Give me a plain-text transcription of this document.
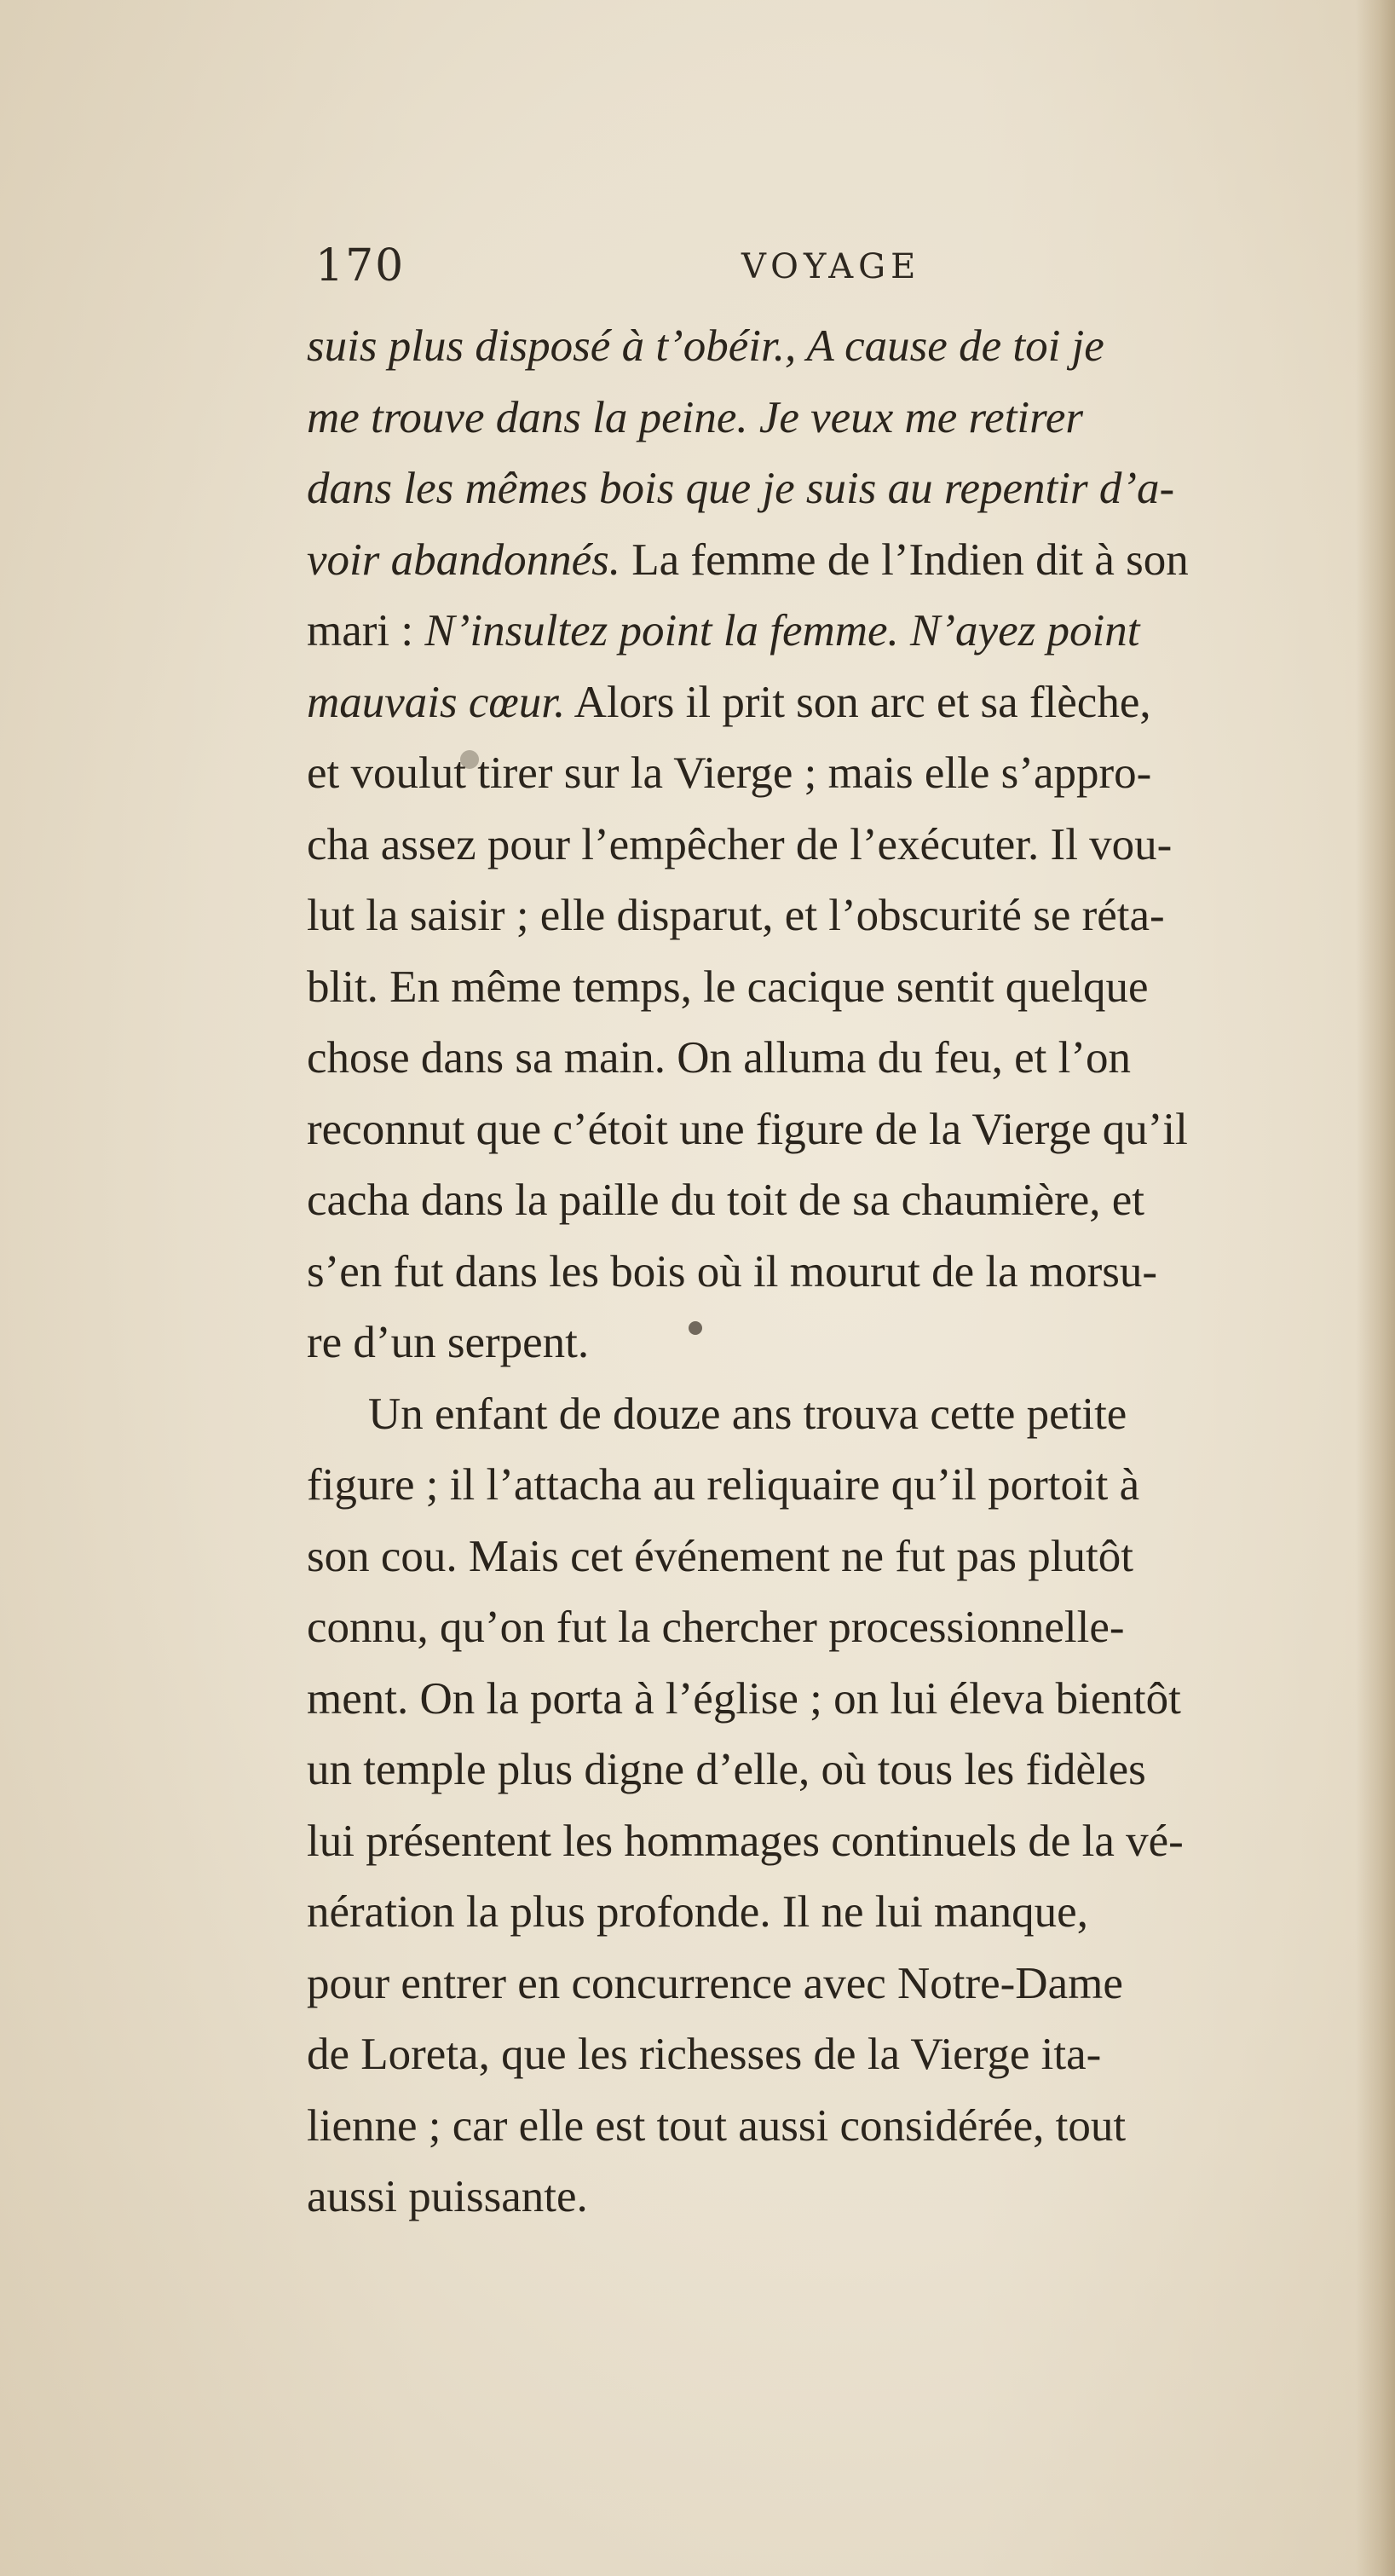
170	VOYAGE
suis plus disposé à t’obéir., A cause de toi je
me trouve dans la peine. Je veux me retirer
dans les mêmes bois que je suis au repentir d’a-
voir abandonnés. La femme de l’Indien dit à son
mari : N’insultez point la femme. N’ayez point
mauvais cœur. Alors il prit son arc et sa flèche,
et voulut tirer sur la Vierge ; mais elle s’appro-
cha assez pour l’empêcher de l’exécuter. Il vou-
lut la saisir ; elle disparut, et l’obscurité se réta-
blit. En même temps, le cacique sentit quelque
chose dans sa main. On alluma du feu, et l’on
reconnut que c’étoit une figure de la Vierge qu’il
cacha dans la paille du toit de sa chaumière, et
s’en fut dans les bois où il mourut de la morsu-
re d’un serpent.
Un enfant de douze ans trouva cette petite
figure ; il l’attacha au reliquaire qu’il portoit à
son cou. Mais cet événement ne fut pas plutôt
connu, qu’on fut la chercher processionnelle-
ment. On la porta à l’église ; on lui éleva bientôt
un temple plus digne d’elle, où tous les fidèles
lui présentent les hommages continuels de la vé-
nération la plus profonde. Il ne lui manque,
pour entrer en concurrence avec Notre-Dame
de Loreta, que les richesses de la Vierge ita-
lienne ; car elle est tout aussi considérée, tout
aussi puissante.
